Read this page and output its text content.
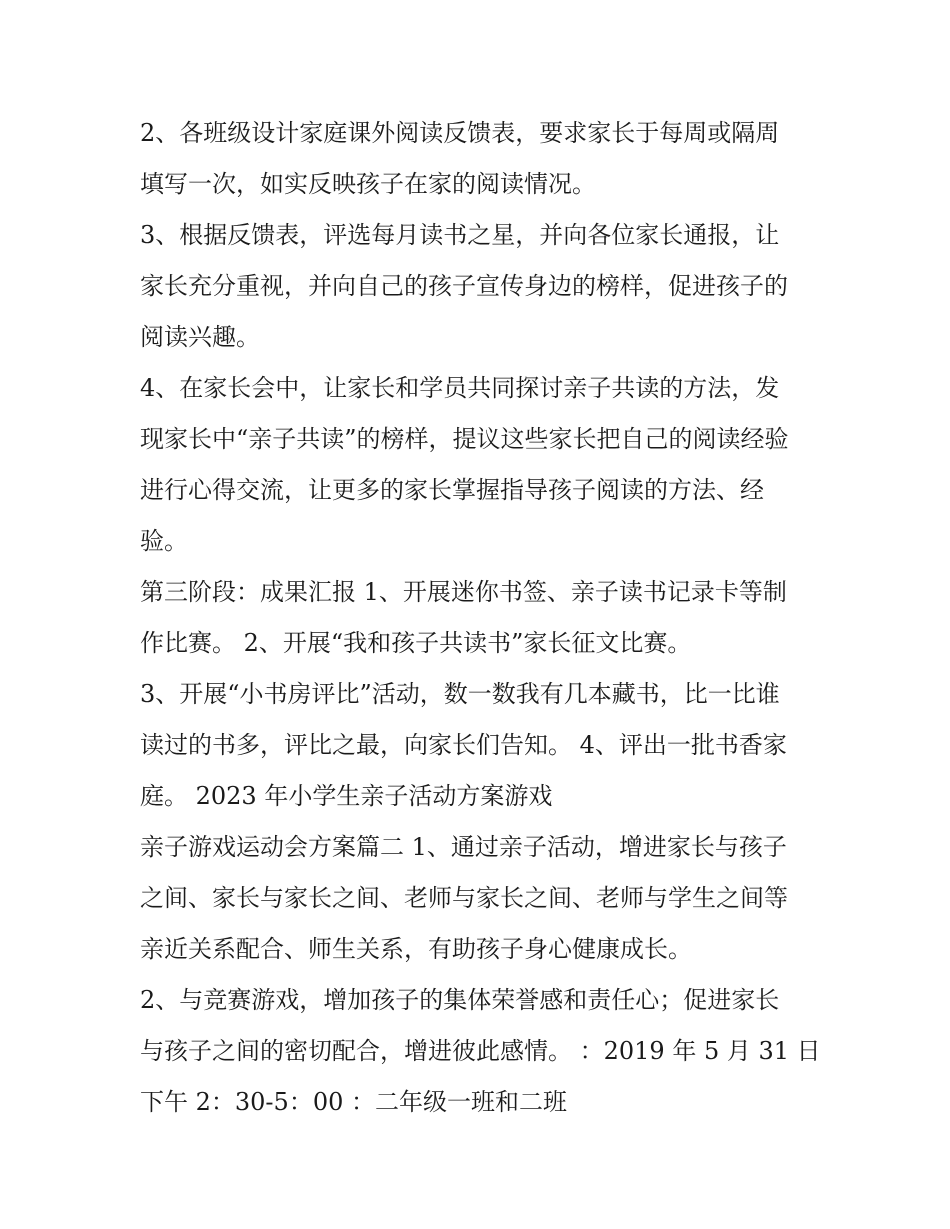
2、各班级设计家庭课外阅读反馈表，要求家长于每周或隔周

填写一次，如实反映孩子在家的阅读情况。

3、根据反馈表，评选每月读书之星，并向各位家长通报，让

家长充分重视，并向自己的孩子宣传身边的榜样，促进孩子的

阅读兴趣。

4、在家长会中，让家长和学员共同探讨亲子共读的方法，发

现家长中“亲子共读”的榜样，提议这些家长把自己的阅读经验

进行心得交流，让更多的家长掌握指导孩子阅读的方法、经

验。

第三阶段：成果汇报 1、开展迷你书签、亲子读书记录卡等制

作比赛。 2、开展“我和孩子共读书”家长征文比赛。

3、开展“小书房评比”活动，数一数我有几本藏书，比一比谁

读过的书多，评比之最，向家长们告知。 4、评出一批书香家

庭。 2023 年小学生亲子活动方案游戏

亲子游戏运动会方案篇二 1、通过亲子活动，增进家长与孩子

之间、家长与家长之间、老师与家长之间、老师与学生之间等

亲近关系配合、师生关系，有助孩子身心健康成长。

2、与竞赛游戏，增加孩子的集体荣誉感和责任心；促进家长

与孩子之间的密切配合，增进彼此感情。 ：2019 年 5 月 31 日

下午 2：30-5：00 ：二年级一班和二班
